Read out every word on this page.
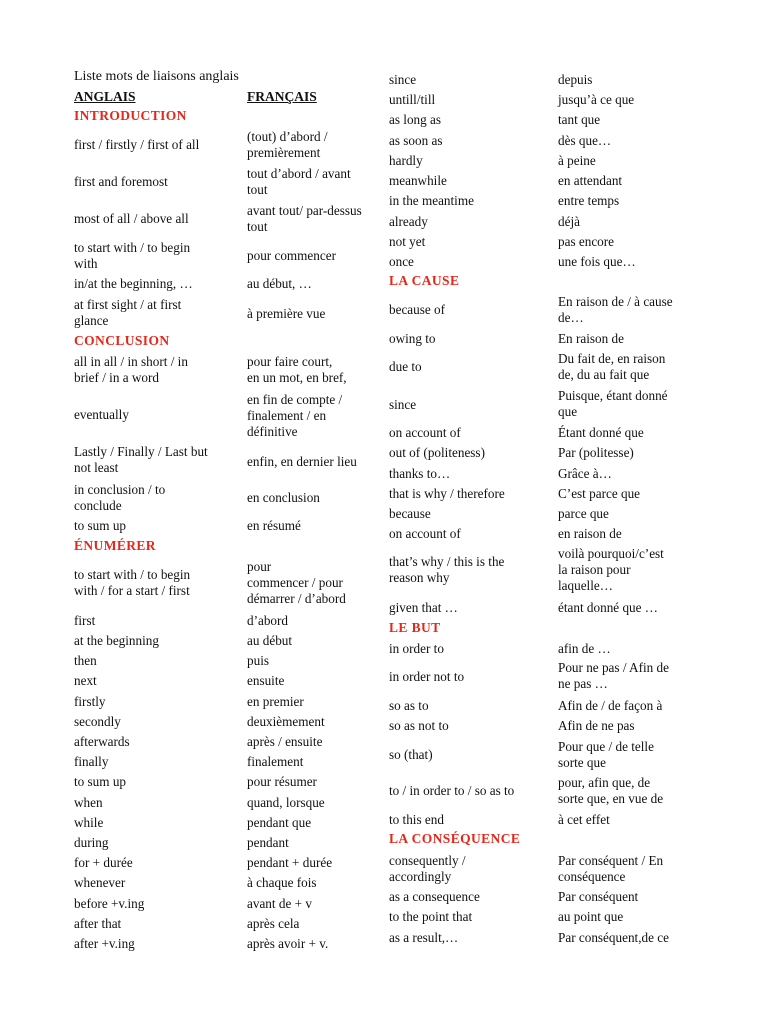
Liste mots de liaisons anglais
ANGLAIS
INTRODUCTION
first / firstly / first of all
first and foremost
most of all / above all
to start with / to begin
with
in/at the beginning, …
at first sight / at first
glance
CONCLUSION
all in all / in short / in
brief / in a word
eventually
Lastly / Finally / Last but
not least
in conclusion / to
conclude
to sum up
ÉNUMÉRER
to start with / to begin
with / for a start / first
first
at the beginning
then
next
firstly
secondly
afterwards
finally
to sum up
when
while
during
for + durée
whenever
before +v.ing
after that
after +v.ing
FRANÇAIS
(tout) d’abord /
premièrement
tout d’abord / avant
tout
avant tout/ par-dessus
tout
pour commencer
au début, …
à première vue
pour faire court,
en un mot, en bref,
en fin de compte /
finalement / en
définitive
enfin, en dernier lieu
en conclusion
en résumé
pour
commencer / pour
démarrer / d’abord
d’abord
au début
puis
ensuite
en premier
deuxièmement
après / ensuite
finalement
pour résumer
quand, lorsque
pendant que
pendant
pendant + durée
à chaque fois
avant de + v
après cela
après avoir + v.
since
untill/till
as long as
as soon as
hardly
meanwhile
in the meantime
already
not yet
once
LA CAUSE
because of
owing to
due to
since
on account of
out of (politeness)
thanks to…
that is why / therefore
because
on account of
that’s why / this is the
reason why
given that …
LE BUT
in order to
in order not to
so as to
so as not to
so (that)
to / in order to / so as to
to this end
LA CONSÉQUENCE
consequently /
accordingly
as a consequence
to the point that
as a result,…
depuis
jusqu’à ce que
tant que
dès que…
à peine
en attendant
entre temps
déjà
pas encore
une fois que…
En raison de / à cause
de…
En raison de
Du fait de, en raison
de, du au fait que
Puisque, étant donné
que
Étant donné que
Par (politesse)
Grâce à…
C’est parce que
parce que
en raison de
voilà pourquoi/c’est
la raison pour
laquelle…
étant donné que …
afin de …
Pour ne pas / Afin de
ne pas …
Afin de / de façon à
Afin de ne pas
Pour que / de telle
sorte que
pour, afin que, de
sorte que, en vue de
à cet effet
Par conséquent / En
conséquence
Par conséquent
au point que
Par conséquent,de ce
